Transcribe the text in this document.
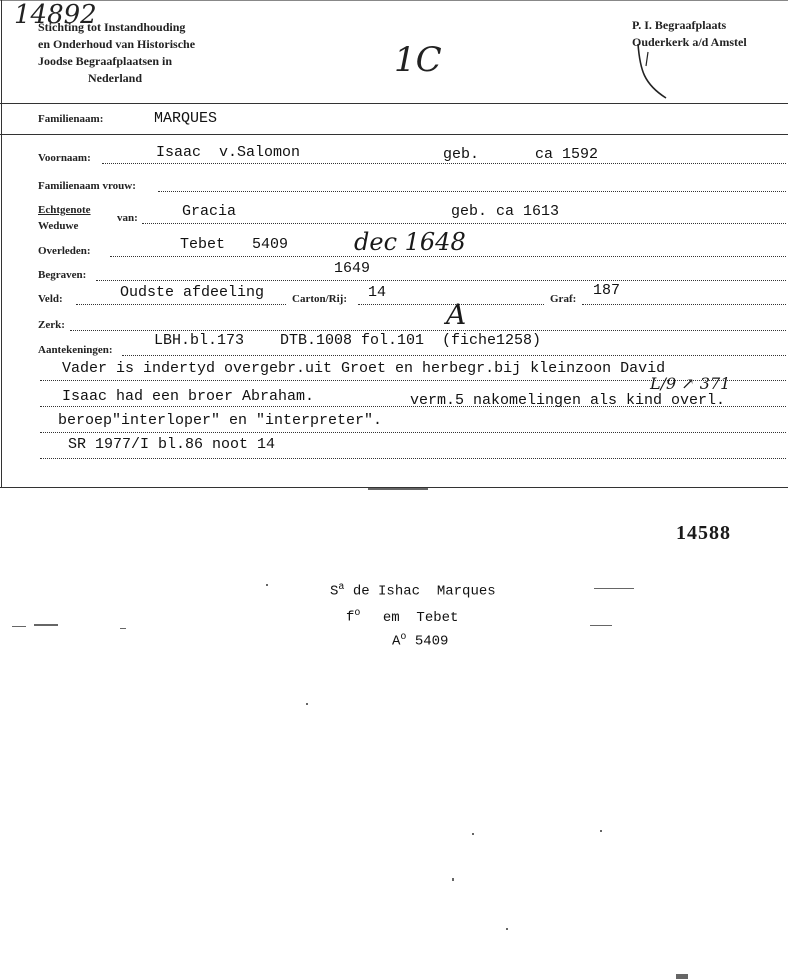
14892
Stichting tot Instandhouding
en Onderhoud van Historische
Joodse Begraafplaatsen in
Nederland	1C
P. I. Begraafplaats
Ouderkerk a/d Amstel
Familienaam:	MARQUES
Voornaam:	Isaac  v.Salomon	geb.	ca 1592
Familienaam vrouw:
Echtgenote
Weduwe
van:	Gracia	geb. ca 1613
Overleden:	Tebet   5409	dec 1648
Begraven:	1649
Veld:	Oudste afdeeling	Carton/Rij: 14	Graf: 187
Zerk:	A
Aantekeningen:
LBH.bl.173    DTB.1008 fol.101  (fiche1258)
Vader is indertyd overgebr.uit Groet en herbegr.bij kleinzoon David
L/9 ↗ 371
Isaac had een broer Abraham.	verm.5 nakomelingen als kind overl.
beroep"interloper" en "interpreter".
SR 1977/I bl.86 noot 14
14588
$S^a$ de Ishac  Marques
$f^o$ em  Tebet
$A^o$ 5409
